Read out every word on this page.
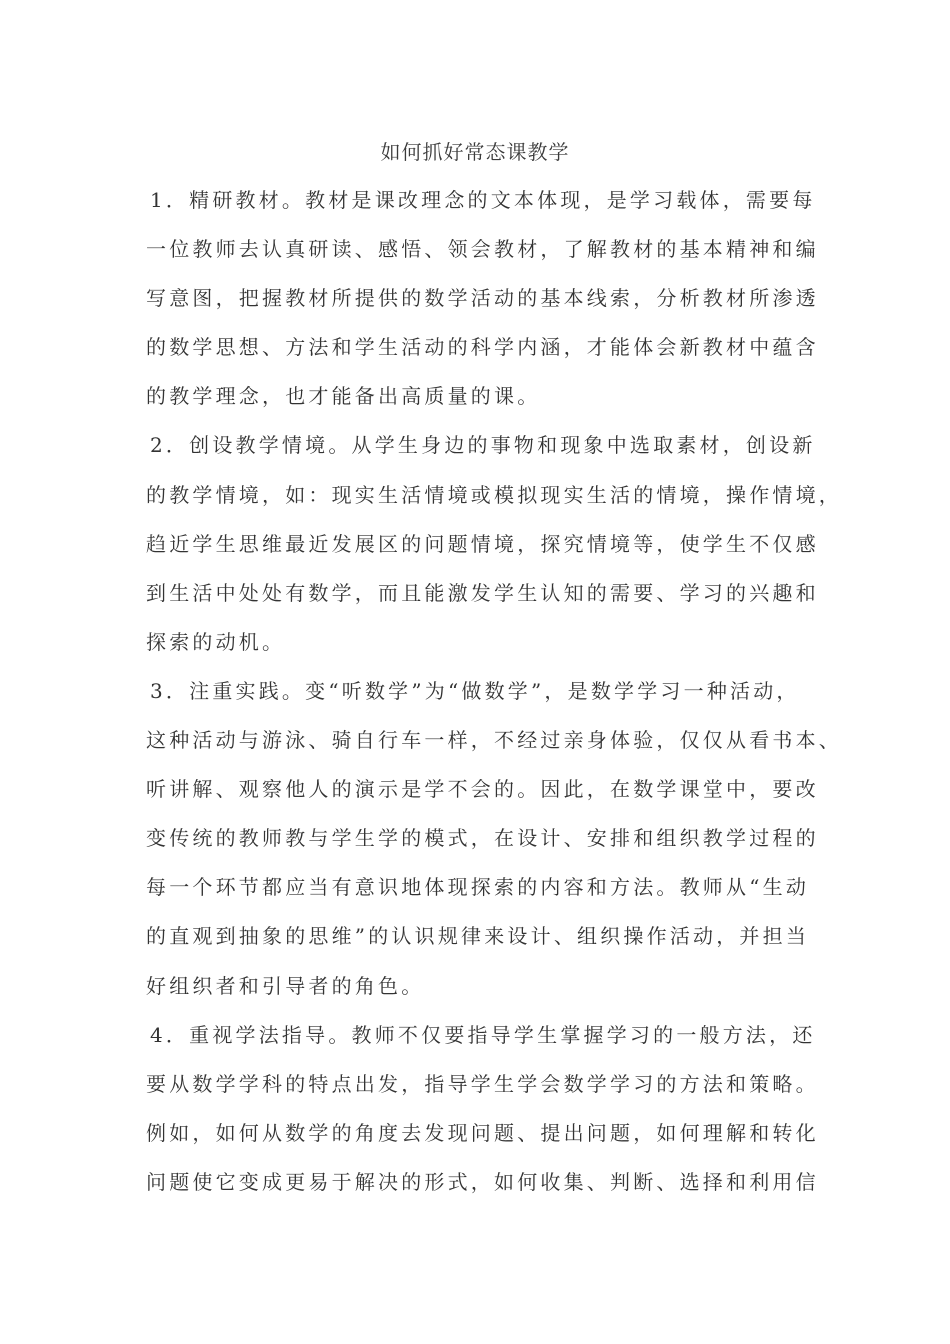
如何抓好常态课教学
1．精研教材。教材是课改理念的文本体现，是学习载体，需要每
一位教师去认真研读、感悟、领会教材，了解教材的基本精神和编
写意图，把握教材所提供的数学活动的基本线索，分析教材所渗透
的数学思想、方法和学生活动的科学内涵，才能体会新教材中蕴含
的教学理念，也才能备出高质量的课。
2．创设教学情境。从学生身边的事物和现象中选取素材，创设新
的教学情境，如：现实生活情境或模拟现实生活的情境，操作情境，
趋近学生思维最近发展区的问题情境，探究情境等，使学生不仅感
到生活中处处有数学，而且能激发学生认知的需要、学习的兴趣和
探索的动机。
3．注重实践。变“听数学”为“做数学”，是数学学习一种活动，
这种活动与游泳、骑自行车一样，不经过亲身体验，仅仅从看书本、
听讲解、观察他人的演示是学不会的。因此，在数学课堂中，要改
变传统的教师教与学生学的模式，在设计、安排和组织教学过程的
每一个环节都应当有意识地体现探索的内容和方法。教师从“生动
的直观到抽象的思维”的认识规律来设计、组织操作活动，并担当
好组织者和引导者的角色。
4．重视学法指导。教师不仅要指导学生掌握学习的一般方法，还
要从数学学科的特点出发，指导学生学会数学学习的方法和策略。
例如，如何从数学的角度去发现问题、提出问题，如何理解和转化
问题使它变成更易于解决的形式，如何收集、判断、选择和利用信
